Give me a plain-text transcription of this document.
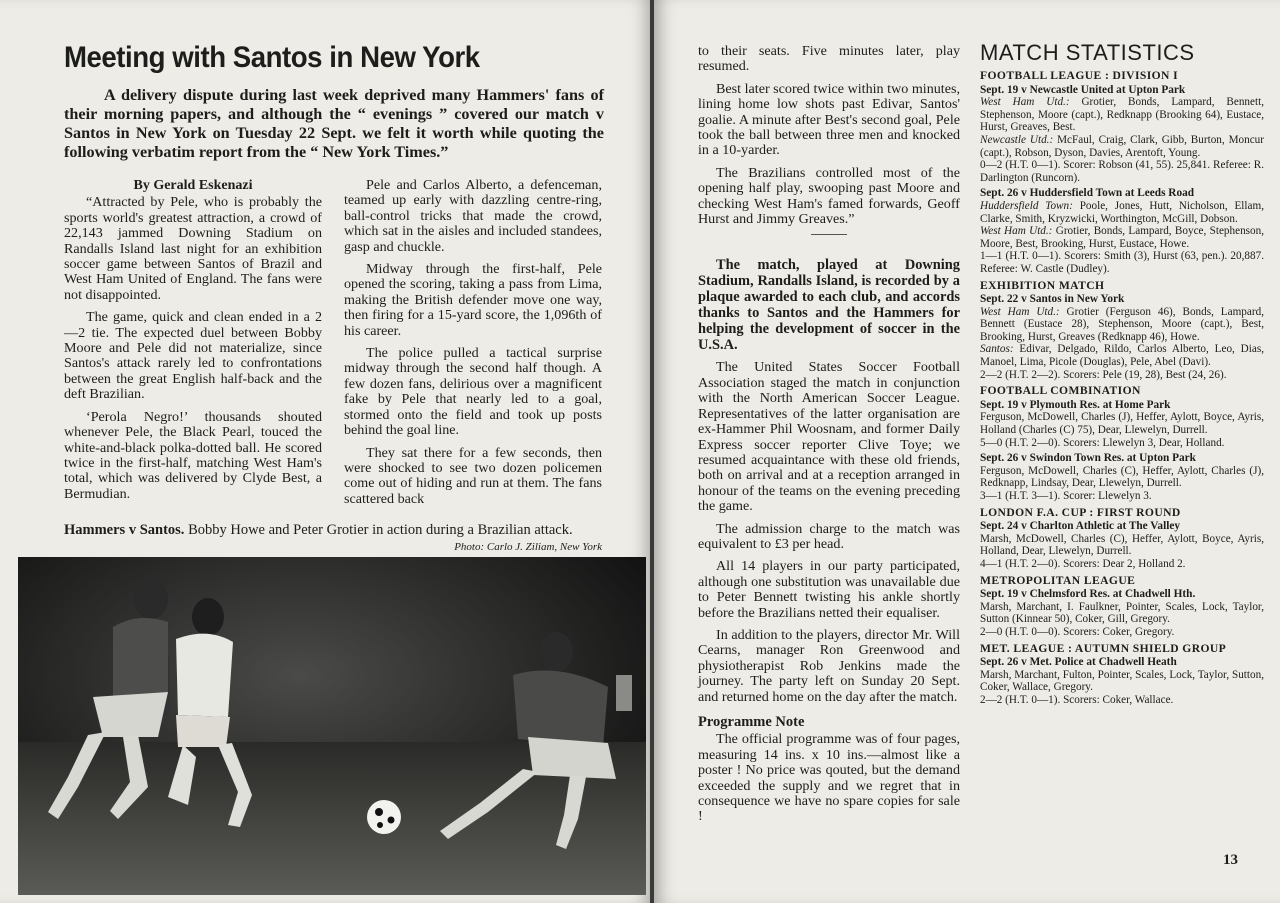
Meeting with Santos in New York

A delivery dispute during last week deprived many Hammers' fans of their morning papers, and although the “ evenings ” covered our match v Santos in New York on Tuesday 22 Sept. we felt it worth while quoting the following verbatim report from the “ New York Times.”

By Gerald Eskenazi

“Attracted by Pele, who is probably the sports world's greatest attraction, a crowd of 22,143 jammed Downing Stadium on Randalls Island last night for an exhibition soccer game between Santos of Brazil and West Ham United of England. The fans were not disappointed.

The game, quick and clean ended in a 2—2 tie. The expected duel between Bobby Moore and Pele did not materialize, since Santos's attack rarely led to confrontations between the great English half-back and the deft Brazilian.

‘Perola Negro!’ thousands shouted whenever Pele, the Black Pearl, touced the white-and-black polka-dotted ball. He scored twice in the first-half, matching West Ham's total, which was delivered by Clyde Best, a Bermudian.

Pele and Carlos Alberto, a defenceman, teamed up early with dazzling centre-ring, ball-control tricks that made the crowd, which sat in the aisles and included standees, gasp and chuckle.

Midway through the first-half, Pele opened the scoring, taking a pass from Lima, making the British defender move one way, then firing for a 15-yard score, the 1,096th of his career.

The police pulled a tactical surprise midway through the second half though. A few dozen fans, delirious over a magnificent fake by Pele that nearly led to a goal, stormed onto the field and took up posts behind the goal line.

They sat there for a few seconds, then were shocked to see two dozen policemen come out of hiding and run at them. The fans scattered back

Hammers v Santos. Bobby Howe and Peter Grotier in action during a Brazilian attack.

Photo: Carlo J. Ziliam, New York

to their seats. Five minutes later, play resumed.

Best later scored twice within two minutes, lining home low shots past Edivar, Santos' goalie. A minute after Best's second goal, Pele took the ball between three men and knocked in a 10-yarder.

The Brazilians controlled most of the opening half play, swooping past Moore and checking West Ham's famed forwards, Geoff Hurst and Jimmy Greaves.”

The match, played at Downing Stadium, Randalls Island, is recorded by a plaque awarded to each club, and accords thanks to Santos and the Hammers for helping the development of soccer in the U.S.A.

The United States Soccer Football Association staged the match in conjunction with the North American Soccer League. Representatives of the latter organisation are ex-Hammer Phil Woosnam, and former Daily Express soccer reporter Clive Toye; we resumed acquaintance with these old friends, both on arrival and at a reception arranged in honour of the teams on the evening preceding the game.

The admission charge to the match was equivalent to £3 per head.

All 14 players in our party participated, although one substitution was unavailable due to Peter Bennett twisting his ankle shortly before the Brazilians netted their equaliser.

In addition to the players, director Mr. Will Cearns, manager Ron Greenwood and physiotherapist Rob Jenkins made the journey. The party left on Sunday 20 Sept. and returned home on the day after the match.

Programme Note

The official programme was of four pages, measuring 14 ins. x 10 ins.—almost like a poster ! No price was qouted, but the demand exceeded the supply and we regret that in consequence we have no spare copies for sale !

MATCH STATISTICS
FOOTBALL LEAGUE : DIVISION I
Sept. 19 v Newcastle United at Upton Park

West Ham Utd.: Grotier, Bonds, Lampard, Bennett, Stephenson, Moore (capt.), Redknapp (Brooking 64), Eustace, Hurst, Greaves, Best.

Newcastle Utd.: McFaul, Craig, Clark, Gibb, Burton, Moncur (capt.), Robson, Dyson, Davies, Arentoft, Young.

0—2 (H.T. 0—1). Scorer: Robson (41, 55). 25,841. Referee: R. Darlington (Runcorn).

Sept. 26 v Huddersfield Town at Leeds Road

Huddersfield Town: Poole, Jones, Hutt, Nicholson, Ellam, Clarke, Smith, Kryzwicki, Worthington, McGill, Dobson.

West Ham Utd.: Grotier, Bonds, Lampard, Boyce, Stephenson, Moore, Best, Brooking, Hurst, Eustace, Howe.

1—1 (H.T. 0—1). Scorers: Smith (3), Hurst (63, pen.). 20,887. Referee: W. Castle (Dudley).

EXHIBITION MATCH
Sept. 22 v Santos in New York

West Ham Utd.: Grotier (Ferguson 46), Bonds, Lampard, Bennett (Eustace 28), Stephenson, Moore (capt.), Best, Brooking, Hurst, Greaves (Redknapp 46), Howe.

Santos: Edivar, Delgado, Rildo, Carlos Alberto, Leo, Dias, Manoel, Lima, Picole (Douglas), Pele, Abel (Davi).

2—2 (H.T. 2—2). Scorers: Pele (19, 28), Best (24, 26).

FOOTBALL COMBINATION
Sept. 19 v Plymouth Res. at Home Park

Ferguson, McDowell, Charles (J), Heffer, Aylott, Boyce, Ayris, Holland (Charles (C) 75), Dear, Llewelyn, Durrell.

5—0 (H.T. 2—0). Scorers: Llewelyn 3, Dear, Holland.

Sept. 26 v Swindon Town Res. at Upton Park

Ferguson, McDowell, Charles (C), Heffer, Aylott, Charles (J), Redknapp, Lindsay, Dear, Llewelyn, Durrell.

3—1 (H.T. 3—1). Scorer: Llewelyn 3.

LONDON F.A. CUP : FIRST ROUND
Sept. 24 v Charlton Athletic at The Valley

Marsh, McDowell, Charles (C), Heffer, Aylott, Boyce, Ayris, Holland, Dear, Llewelyn, Durrell.

4—1 (H.T. 2—0). Scorers: Dear 2, Holland 2.

METROPOLITAN LEAGUE
Sept. 19 v Chelmsford Res. at Chadwell Hth.

Marsh, Marchant, I. Faulkner, Pointer, Scales, Lock, Taylor, Sutton (Kinnear 50), Coker, Gill, Gregory.

2—0 (H.T. 0—0). Scorers: Coker, Gregory.

MET. LEAGUE : AUTUMN SHIELD GROUP
Sept. 26 v Met. Police at Chadwell Heath

Marsh, Marchant, Fulton, Pointer, Scales, Lock, Taylor, Sutton, Coker, Wallace, Gregory.

2—2 (H.T. 0—1). Scorers: Coker, Wallace.

13
